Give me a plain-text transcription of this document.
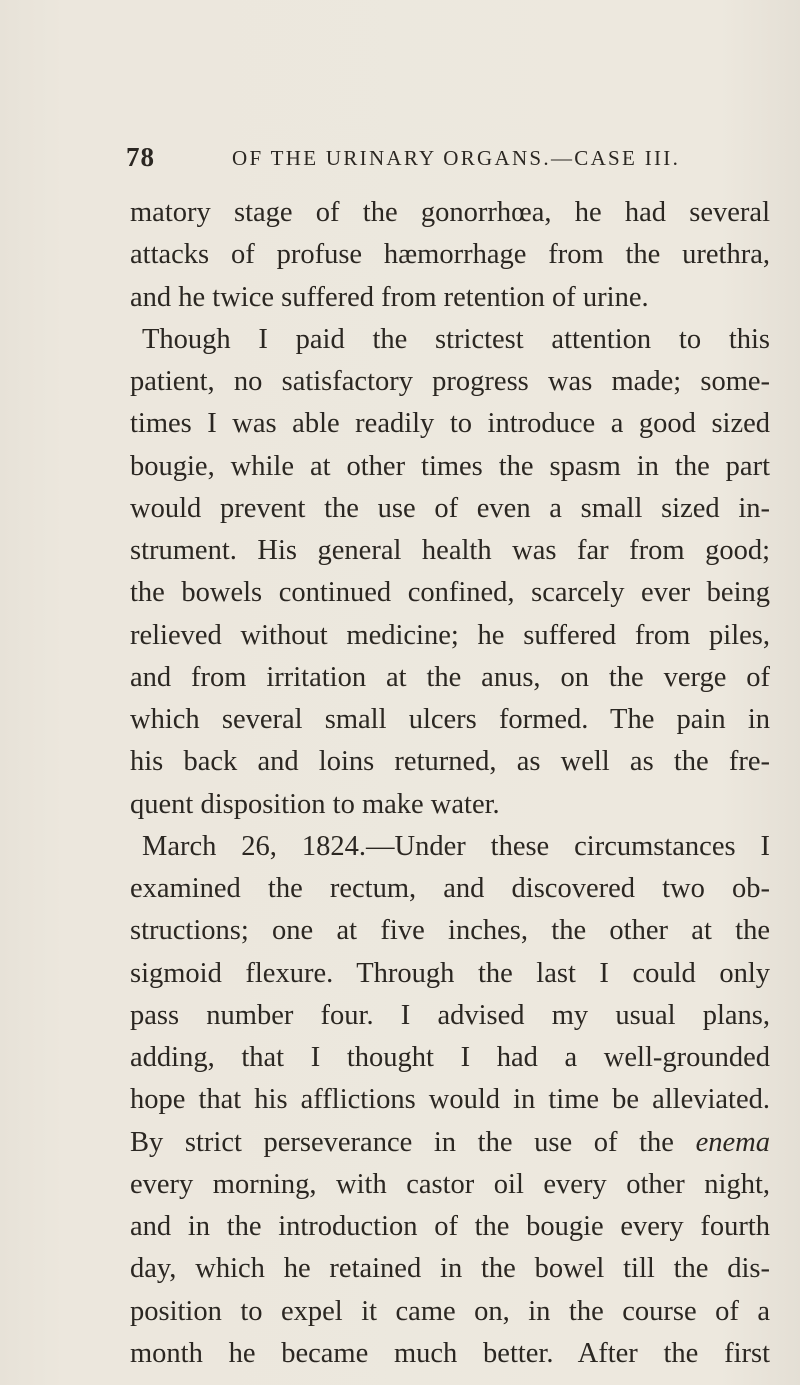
78	OF THE URINARY ORGANS.—CASE III.
matory stage of the gonorrhœa, he had several
attacks of profuse hæmorrhage from the urethra,
and he twice suffered from retention of urine.
Though I paid the strictest attention to this
patient, no satisfactory progress was made; some-
times I was able readily to introduce a good sized
bougie, while at other times the spasm in the part
would prevent the use of even a small sized in-
strument. His general health was far from good;
the bowels continued confined, scarcely ever being
relieved without medicine; he suffered from piles,
and from irritation at the anus, on the verge of
which several small ulcers formed. The pain in
his back and loins returned, as well as the fre-
quent disposition to make water.
March 26, 1824.—Under these circumstances I
examined the rectum, and discovered two ob-
structions; one at five inches, the other at the
sigmoid flexure. Through the last I could only
pass number four. I advised my usual plans,
adding, that I thought I had a well-grounded
hope that his afflictions would in time be alleviated.
By strict perseverance in the use of the enema
every morning, with castor oil every other night,
and in the introduction of the bougie every fourth
day, which he retained in the bowel till the dis-
position to expel it came on, in the course of a
month he became much better. After the first
